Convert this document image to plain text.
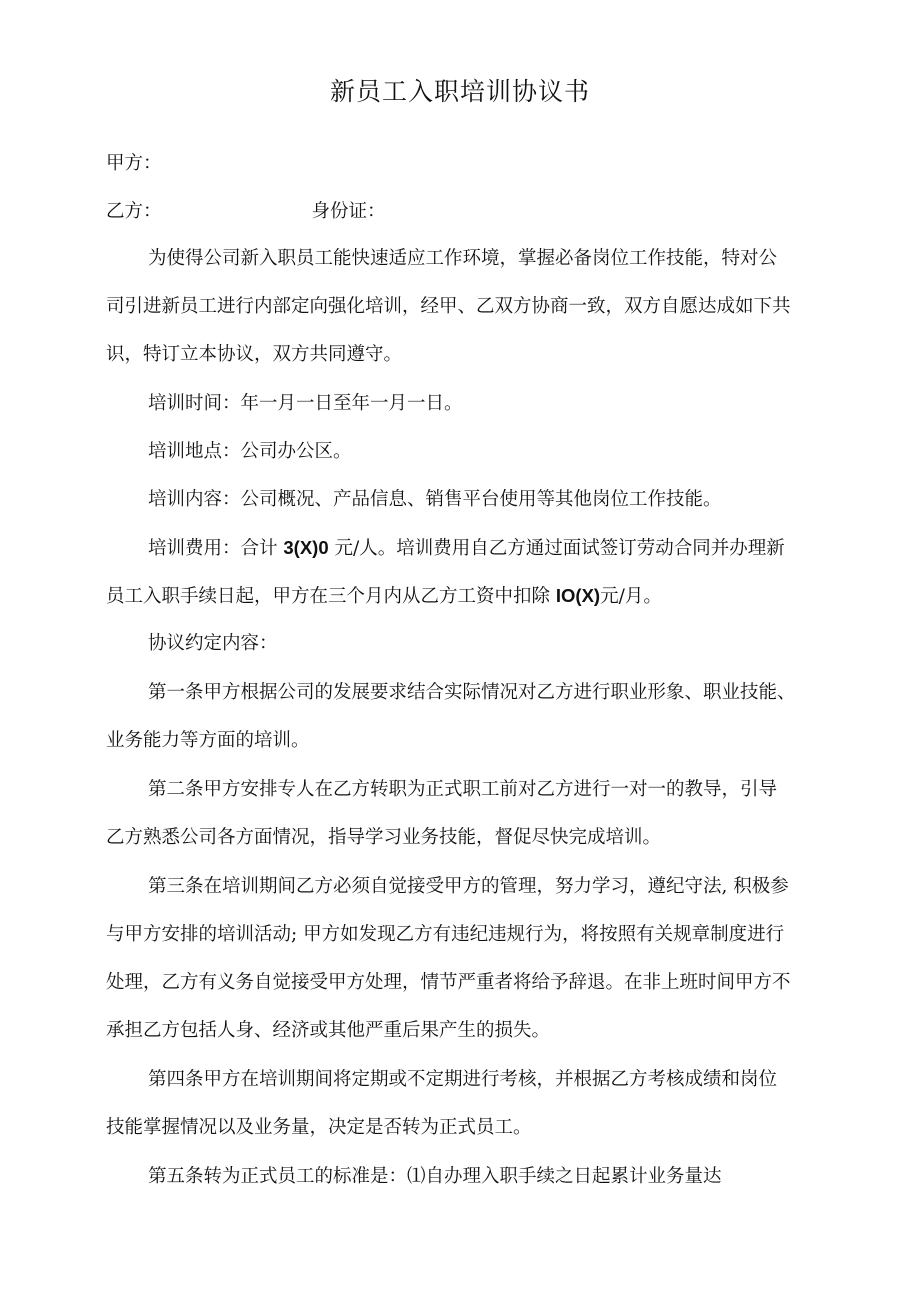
新员工入职培训协议书
甲方：
乙方：	身份证：
为使得公司新入职员工能快速适应工作环境，掌握必备岗位工作技能，特对公
司引进新员工进行内部定向强化培训，经甲、乙双方协商一致，双方自愿达成如下共
识，特订立本协议，双方共同遵守。
培训时间：年一月一日至年一月一日。
培训地点：公司办公区。
培训内容：公司概况、产品信息、销售平台使用等其他岗位工作技能。
培训费用：合计 3(X)0 元/人。培训费用自乙方通过面试签订劳动合同并办理新
员工入职手续日起，甲方在三个月内从乙方工资中扣除 IO(X)元/月。
协议约定内容：
第一条甲方根据公司的发展要求结合实际情况对乙方进行职业形象、职业技能、
业务能力等方面的培训。
第二条甲方安排专人在乙方转职为正式职工前对乙方进行一对一的教导，引导
乙方熟悉公司各方面情况，指导学习业务技能，督促尽快完成培训。
第三条在培训期间乙方必须自觉接受甲方的管理，努力学习，遵纪守法, 积极参
与甲方安排的培训活动; 甲方如发现乙方有违纪违规行为，将按照有关规章制度进行
处理，乙方有义务自觉接受甲方处理，情节严重者将给予辞退。在非上班时间甲方不
承担乙方包括人身、经济或其他严重后果产生的损失。
第四条甲方在培训期间将定期或不定期进行考核，并根据乙方考核成绩和岗位
技能掌握情况以及业务量，决定是否转为正式员工。
第五条转为正式员工的标准是：⑴自办理入职手续之日起累计业务量达
